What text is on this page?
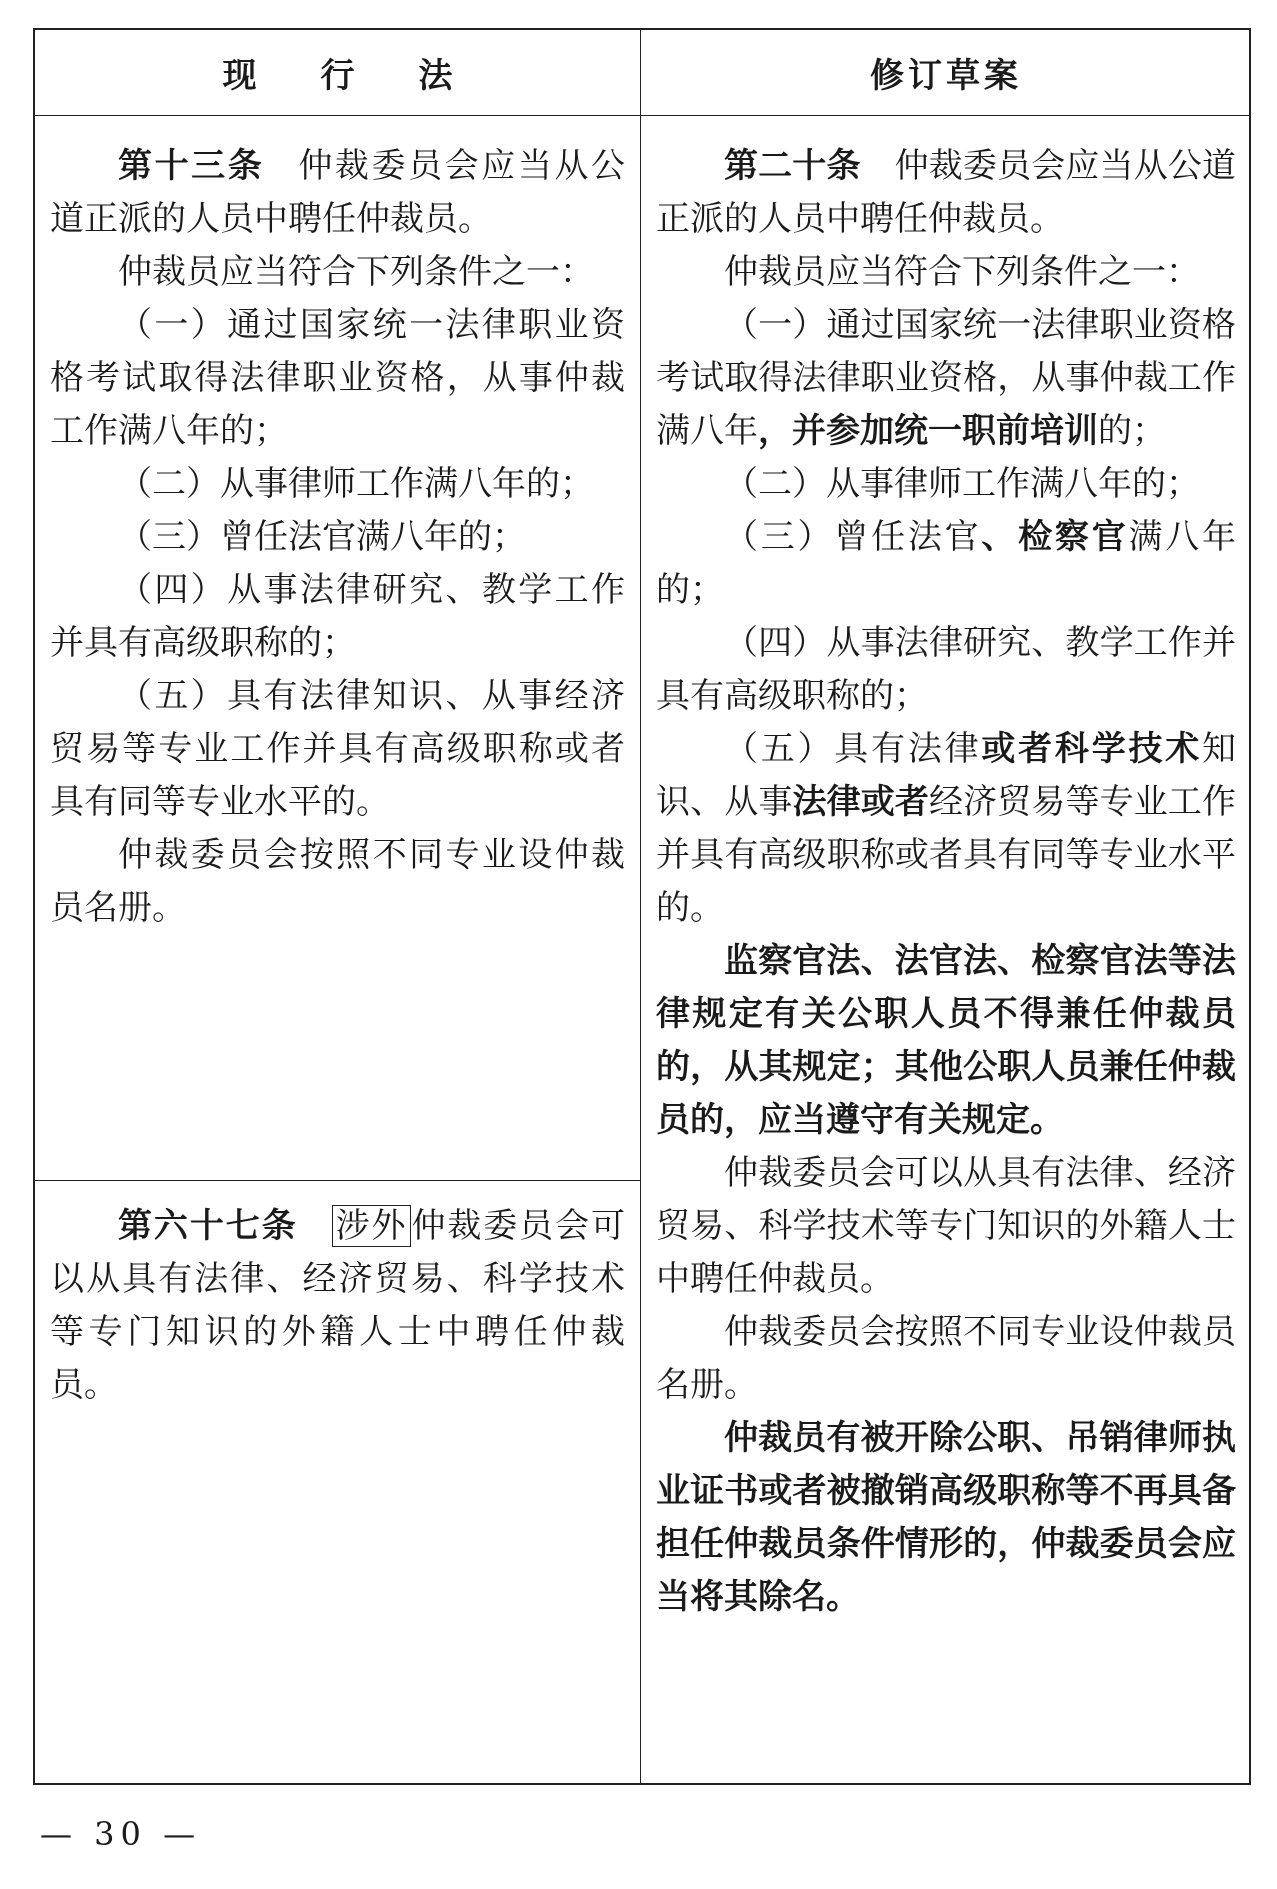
现 行 法	修订草案

第十三条 仲裁委员会应当从公道正派的人员中聘任仲裁员。

仲裁员应当符合下列条件之一：

（一）通过国家统一法律职业资格考试取得法律职业资格，从事仲裁工作满八年的；

（二）从事律师工作满八年的；

（三）曾任法官满八年的；

（四）从事法律研究、教学工作并具有高级职称的；

（五）具有法律知识、从事经济贸易等专业工作并具有高级职称或者具有同等专业水平的。

仲裁委员会按照不同专业设仲裁员名册。

第六十七条 涉外 仲裁委员会可以从具有法律、经济贸易、科学技术等专门知识的外籍人士中聘任仲裁员。

第二十条 仲裁委员会应当从公道正派的人员中聘任仲裁员。

仲裁员应当符合下列条件之一：

（一）通过国家统一法律职业资格考试取得法律职业资格，从事仲裁工作满八年，并参加统一职前培训的；

（二）从事律师工作满八年的；

（三）曾任法官、检察官满八年的；

（四）从事法律研究、教学工作并具有高级职称的；

（五）具有法律或者科学技术知识、从事法律或者经济贸易等专业工作并具有高级职称或者具有同等专业水平的。

监察官法、法官法、检察官法等法律规定有关公职人员不得兼任仲裁员的，从其规定；其他公职人员兼任仲裁员的，应当遵守有关规定。

仲裁委员会可以从具有法律、经济贸易、科学技术等专门知识的外籍人士中聘任仲裁员。

仲裁委员会按照不同专业设仲裁员名册。

仲裁员有被开除公职、吊销律师执业证书或者被撤销高级职称等不再具备担任仲裁员条件情形的，仲裁委员会应当将其除名。

— 30 —
